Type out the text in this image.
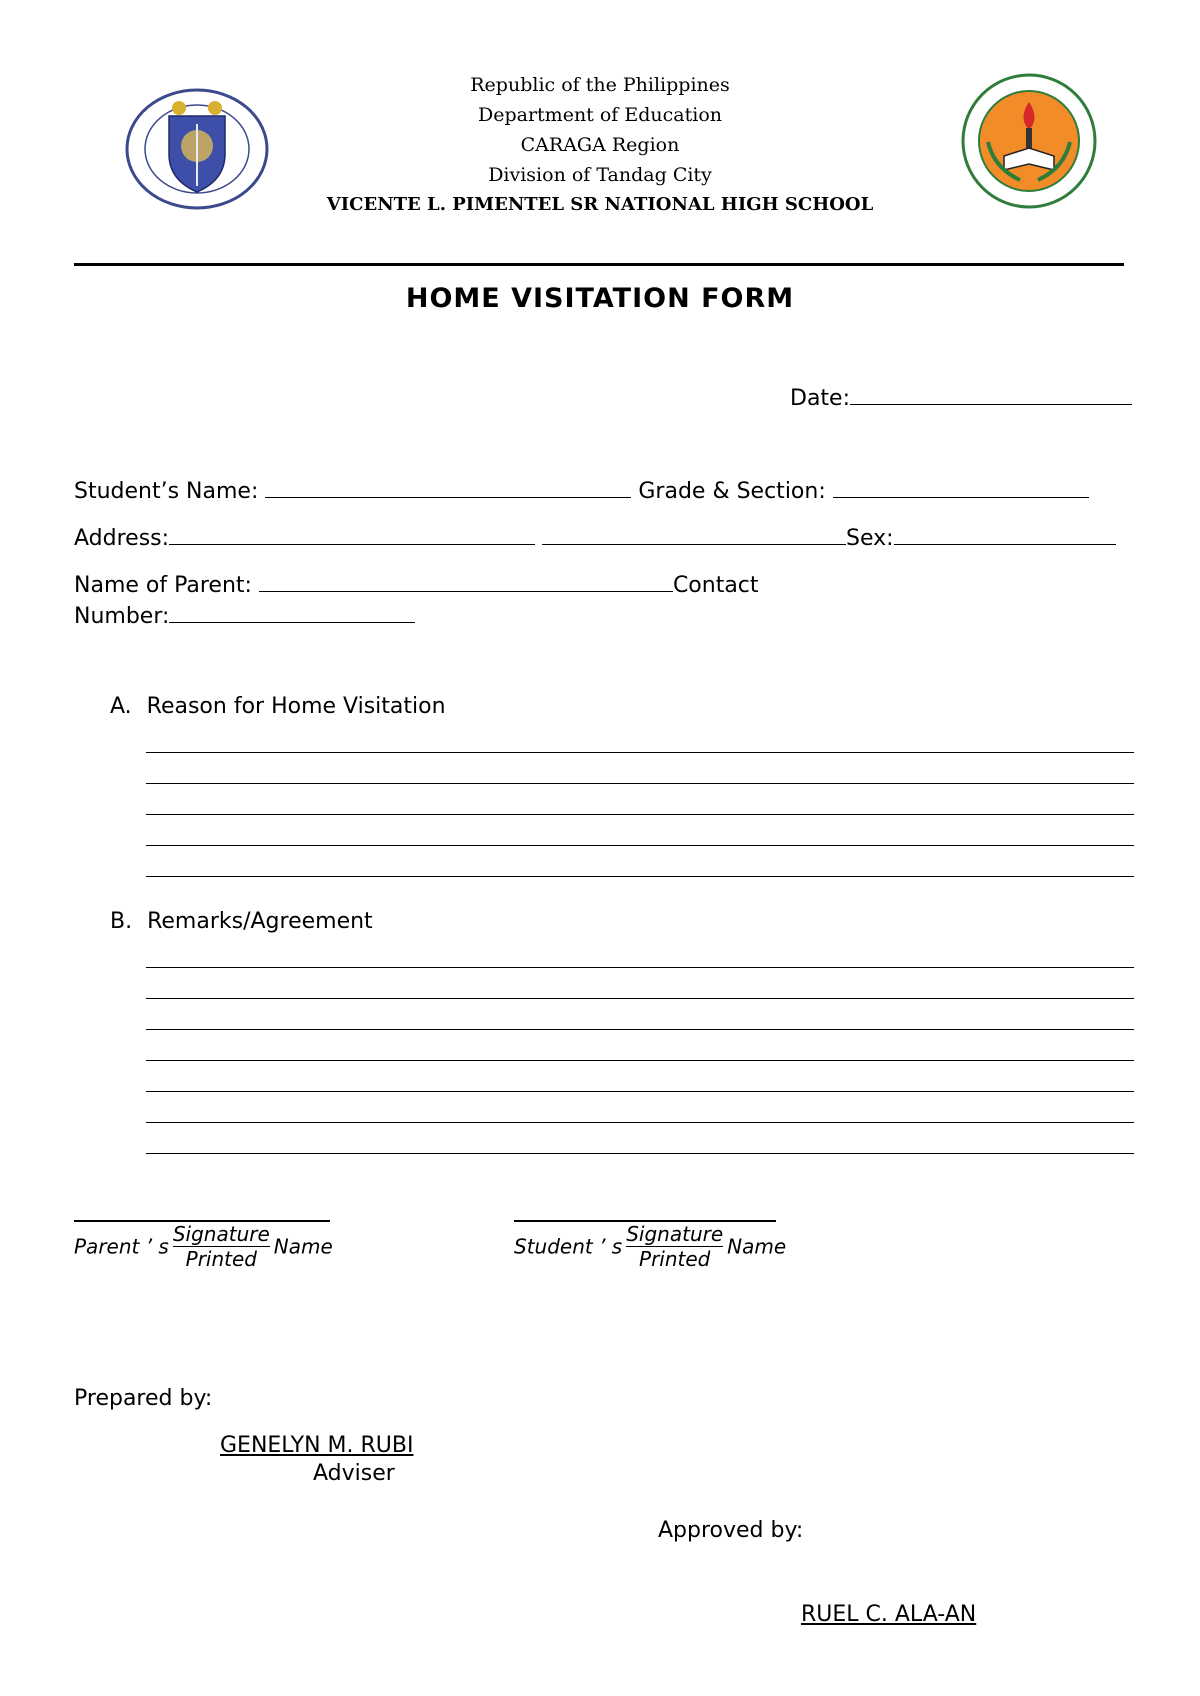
Republic of the Philippines
Department of Education
CARAGA Region
Division of Tandag City
VICENTE L. PIMENTEL SR NATIONAL HIGH SCHOOL
HOME VISITATION FORM
Date:
Student’s Name:	Grade & Section:
Address:	Sex:
Name of Parent:	Contact
Number:
A. Reason for Home Visitation
B. Remarks/Agreement
Parent ’ s $\frac{\text{Signature}}{\text{Printed}}$ Name	Student ’ s $\frac{\text{Signature}}{\text{Printed}}$ Name
Prepared by:
GENELYN M. RUBI
Adviser
Approved by:
RUEL C. ALA-AN
